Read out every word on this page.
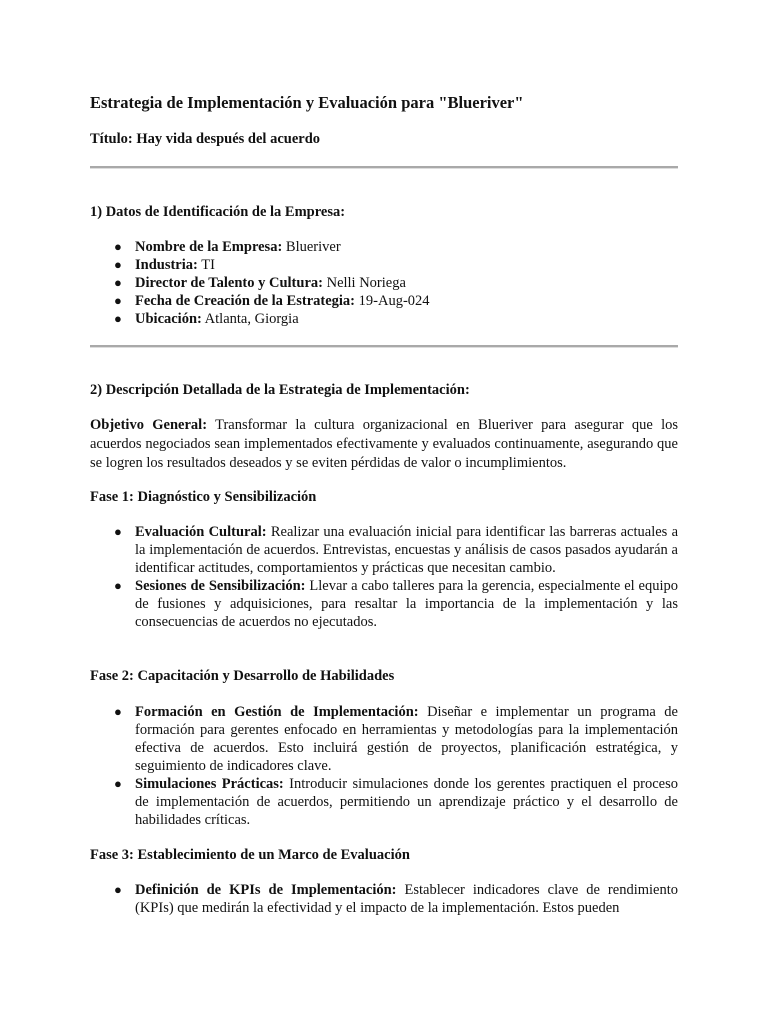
Estrategia de Implementación y Evaluación para "Blueriver"
Título: Hay vida después del acuerdo
1) Datos de Identificación de la Empresa:
● Nombre de la Empresa: Blueriver
● Industria: TI
● Director de Talento y Cultura: Nelli Noriega
● Fecha de Creación de la Estrategia: 19-Aug-024
● Ubicación: Atlanta, Giorgia
2) Descripción Detallada de la Estrategia de Implementación:

Objetivo General: Transformar la cultura organizacional en Blueriver para asegurar que los acuerdos negociados sean implementados efectivamente y evaluados continuamente, asegurando que se logren los resultados deseados y se eviten pérdidas de valor o incumplimientos.

Fase 1: Diagnóstico y Sensibilización
● Evaluación Cultural: Realizar una evaluación inicial para identificar las barreras actuales a la implementación de acuerdos. Entrevistas, encuestas y análisis de casos pasados ayudarán a identificar actitudes, comportamientos y prácticas que necesitan cambio.
● Sesiones de Sensibilización: Llevar a cabo talleres para la gerencia, especialmente el equipo de fusiones y adquisiciones, para resaltar la importancia de la implementación y las consecuencias de acuerdos no ejecutados.
Fase 2: Capacitación y Desarrollo de Habilidades
● Formación en Gestión de Implementación: Diseñar e implementar un programa de formación para gerentes enfocado en herramientas y metodologías para la implementación efectiva de acuerdos. Esto incluirá gestión de proyectos, planificación estratégica, y seguimiento de indicadores clave.
● Simulaciones Prácticas: Introducir simulaciones donde los gerentes practiquen el proceso de implementación de acuerdos, permitiendo un aprendizaje práctico y el desarrollo de habilidades críticas.
Fase 3: Establecimiento de un Marco de Evaluación
● Definición de KPIs de Implementación: Establecer indicadores clave de rendimiento (KPIs) que medirán la efectividad y el impacto de la implementación. Estos pueden
